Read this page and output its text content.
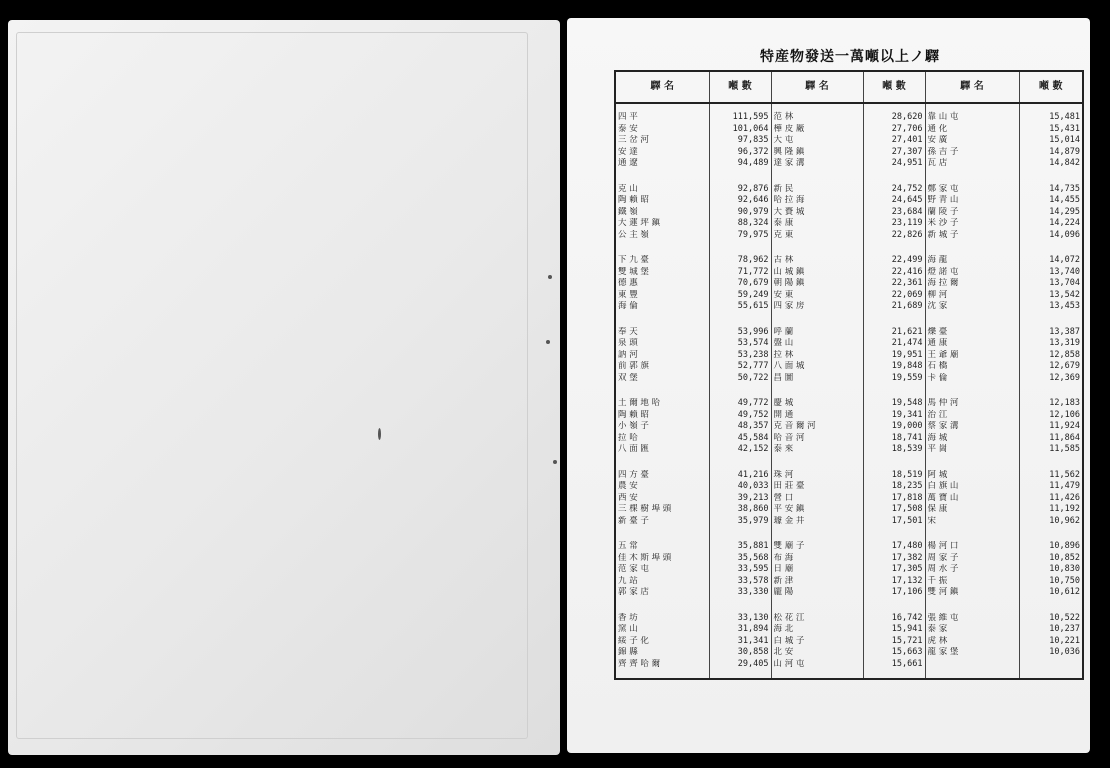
特産物發送一萬噸以上ノ驛
驛 名	噸 數	驛 名	噸 數	驛 名	噸 數
四 平	111,595	范 林	28,620	靠 山 屯	15,481
泰 安	101,064	樺 皮 厰	27,706	通 化	15,431
三 岔 河	97,835	大 屯	27,401	安 廣	15,014
安 達	96,372	興 隆 鎭	27,307	孫 吉 子	14,879
通 遼	94,489	達 家 溝	24,951	瓦 店	14,842

克 山	92,876	新 民	24,752	鄭 家 屯	14,735
陶 賴 昭	92,646	哈 拉 海	24,645	野 青 山	14,455
鐵 嶺	90,979	大 賚 城	23,684	蘭 陵 子	14,295
大 蓮 坪 鎭	88,324	泰 康	23,119	米 沙 子	14,224
公 主 嶺	79,975	克 東	22,826	新 城 子	14,096

下 九 臺	78,962	古 林	22,499	海 龍	14,072
雙 城 堡	71,772	山 城 鎭	22,416	燈 諾 屯	13,740
德 惠	70,679	朝 陽 鎭	22,361	海 拉 爾	13,704
東 豐	59,249	安 東	22,069	柳 河	13,542
海 倫	55,615	四 家 房	21,689	沈 家	13,453

奉 天	53,996	呼 蘭	21,621	爍 臺	13,387
泉 頭	53,574	盤 山	21,474	通 康	13,319
訥 河	53,238	拉 林	19,951	王 爺 廟	12,858
前 郭 旗	52,777	八 面 城	19,848	石 橋	12,679
双 堡	50,722	昌 圖	19,559	卡 倫	12,369

土 爾 地 哈	49,772	慶 城	19,548	馬 仲 河	12,183
陶 賴 昭	49,752	開 通	19,341	治 江	12,106
小 嶺 子	48,357	克 音 爾 河	19,000	蔡 家 溝	11,924
拉 哈	45,584	哈 音 河	18,741	海 城	11,864
八 面 匯	42,152	泰 來	18,539	平 崗	11,585

四 方 臺	41,216	珠 河	18,519	阿 城	11,562
農 安	40,033	田 莊 臺	18,235	白 旗 山	11,479
西 安	39,213	營 口	17,818	萬 寶 山	11,426
三 棵 樹 埠 頭	38,860	平 安 鎭	17,508	保 康	11,192
新 臺 子	35,979	璩 金 井	17,501	宋	10,962

五 常	35,881	雙 廟 子	17,480	楊 河 口	10,896
佳 木 斯 埠 頭	35,568	布 海	17,382	周 家 子	10,852
范 家 屯	33,595	日 廟	17,305	周 水 子	10,830
九 站	33,578	新 津	17,132	千 振	10,750
郭 家 店	33,330	龐 陽	17,106	雙 河 鎭	10,612

香 坊	33,130	松 花 江	16,742	張 維 屯	10,522
窯 山	31,894	海 北	15,941	泰 家	10,237
綏 子 化	31,341	白 城 子	15,721	虎 林	10,221
錦 縣	30,858	北 安	15,663	龍 家 堡	10,036
齊 齊 哈 爾	29,405	山 河 屯	15,661		
